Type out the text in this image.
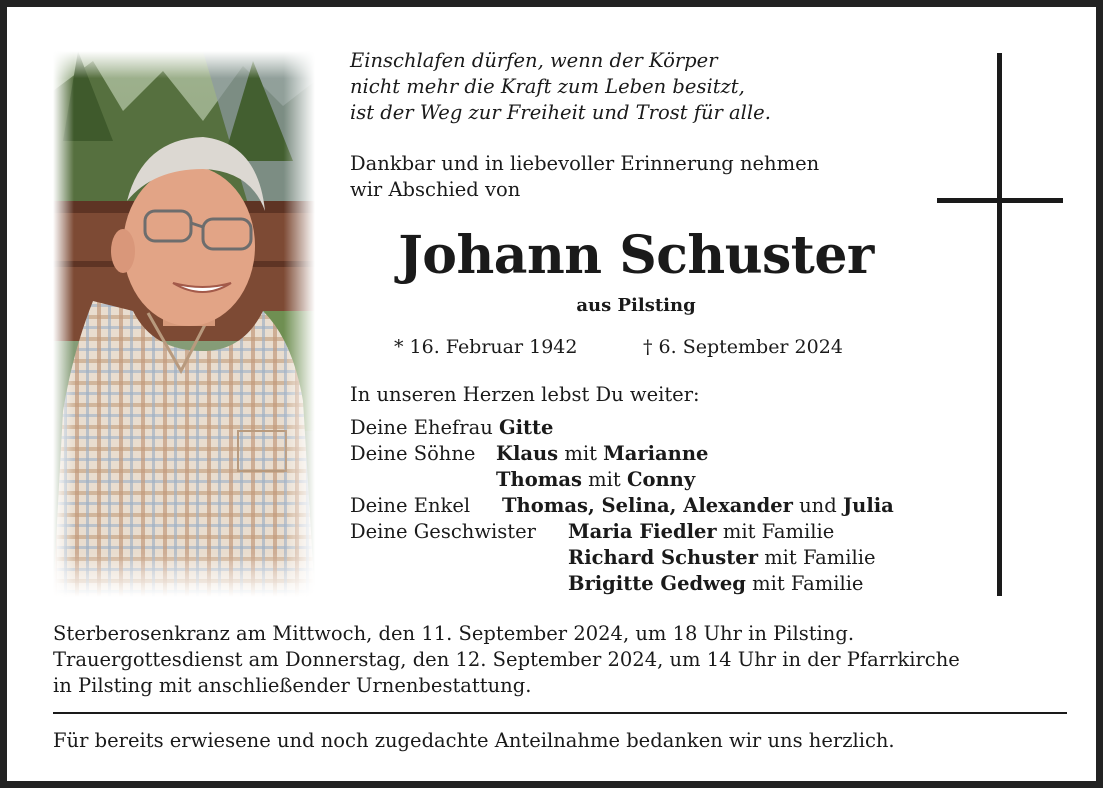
Einschlafen dürfen, wenn der Körper
nicht mehr die Kraft zum Leben besitzt,
ist der Weg zur Freiheit und Trost für alle.
Dankbar und in liebevoller Erinnerung nehmen
wir Abschied von
Johann Schuster
aus Pilsting
* 16. Februar 1942	† 6. September 2024
In unseren Herzen lebst Du weiter:
Deine Ehefrau Gitte
Deine Söhne Klaus mit Marianne
Thomas mit Conny
Deine Enkel Thomas, Selina, Alexander und Julia
Deine Geschwister Maria Fiedler mit Familie
Richard Schuster mit Familie
Brigitte Gedweg mit Familie
Sterberosenkranz am Mittwoch, den 11. September 2024, um 18 Uhr in Pilsting.
Trauergottesdienst am Donnerstag, den 12. September 2024, um 14 Uhr in der Pfarrkirche
in Pilsting mit anschließender Urnenbestattung.
Für bereits erwiesene und noch zugedachte Anteilnahme bedanken wir uns herzlich.
